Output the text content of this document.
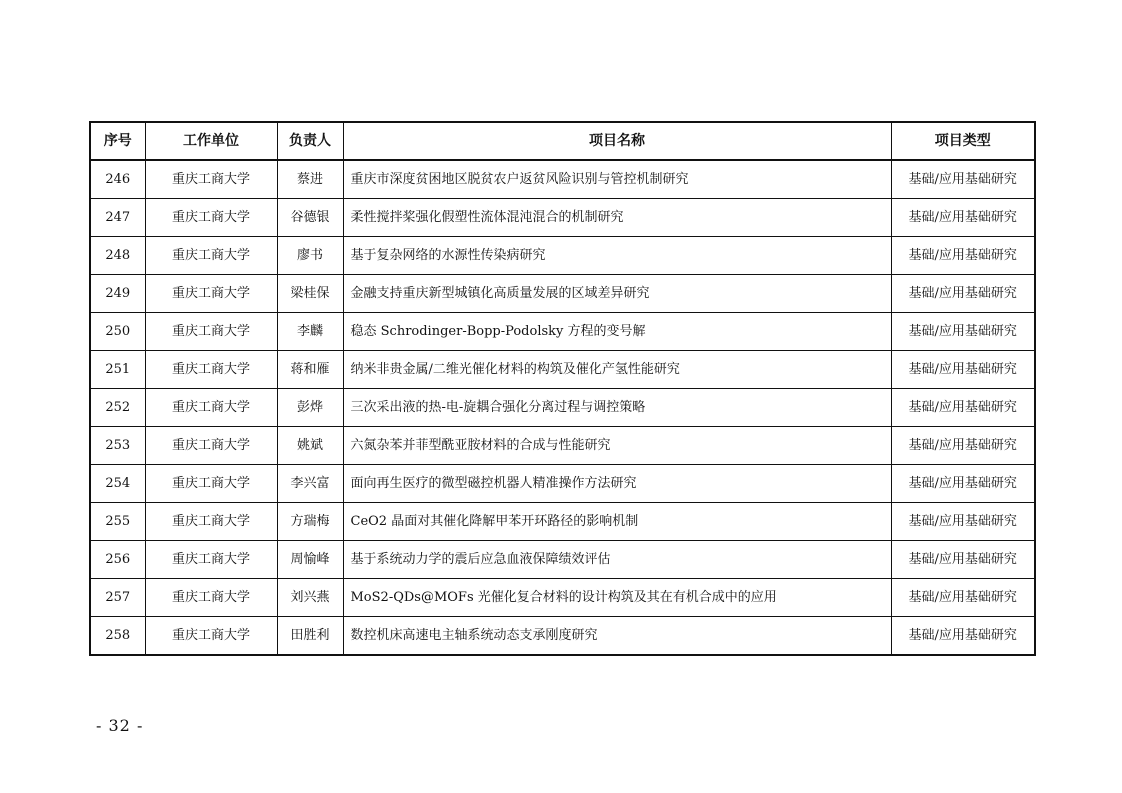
序号	工作单位	负责人	项目名称	项目类型
246	重庆工商大学	蔡进	重庆市深度贫困地区脱贫农户返贫风险识别与管控机制研究	基础/应用基础研究
247	重庆工商大学	谷德银	柔性搅拌桨强化假塑性流体混沌混合的机制研究	基础/应用基础研究
248	重庆工商大学	廖书	基于复杂网络的水源性传染病研究	基础/应用基础研究
249	重庆工商大学	梁桂保	金融支持重庆新型城镇化高质量发展的区域差异研究	基础/应用基础研究
250	重庆工商大学	李麟	稳态 Schrodinger-Bopp-Podolsky 方程的变号解	基础/应用基础研究
251	重庆工商大学	蒋和雁	纳米非贵金属/二维光催化材料的构筑及催化产氢性能研究	基础/应用基础研究
252	重庆工商大学	彭烨	三次采出液的热-电-旋耦合强化分离过程与调控策略	基础/应用基础研究
253	重庆工商大学	姚斌	六氮杂苯并菲型酰亚胺材料的合成与性能研究	基础/应用基础研究
254	重庆工商大学	李兴富	面向再生医疗的微型磁控机器人精准操作方法研究	基础/应用基础研究
255	重庆工商大学	方瑞梅	CeO2 晶面对其催化降解甲苯开环路径的影响机制	基础/应用基础研究
256	重庆工商大学	周愉峰	基于系统动力学的震后应急血液保障绩效评估	基础/应用基础研究
257	重庆工商大学	刘兴燕	MoS2-QDs@MOFs 光催化复合材料的设计构筑及其在有机合成中的应用	基础/应用基础研究
258	重庆工商大学	田胜利	数控机床高速电主轴系统动态支承刚度研究	基础/应用基础研究
- 32 -
